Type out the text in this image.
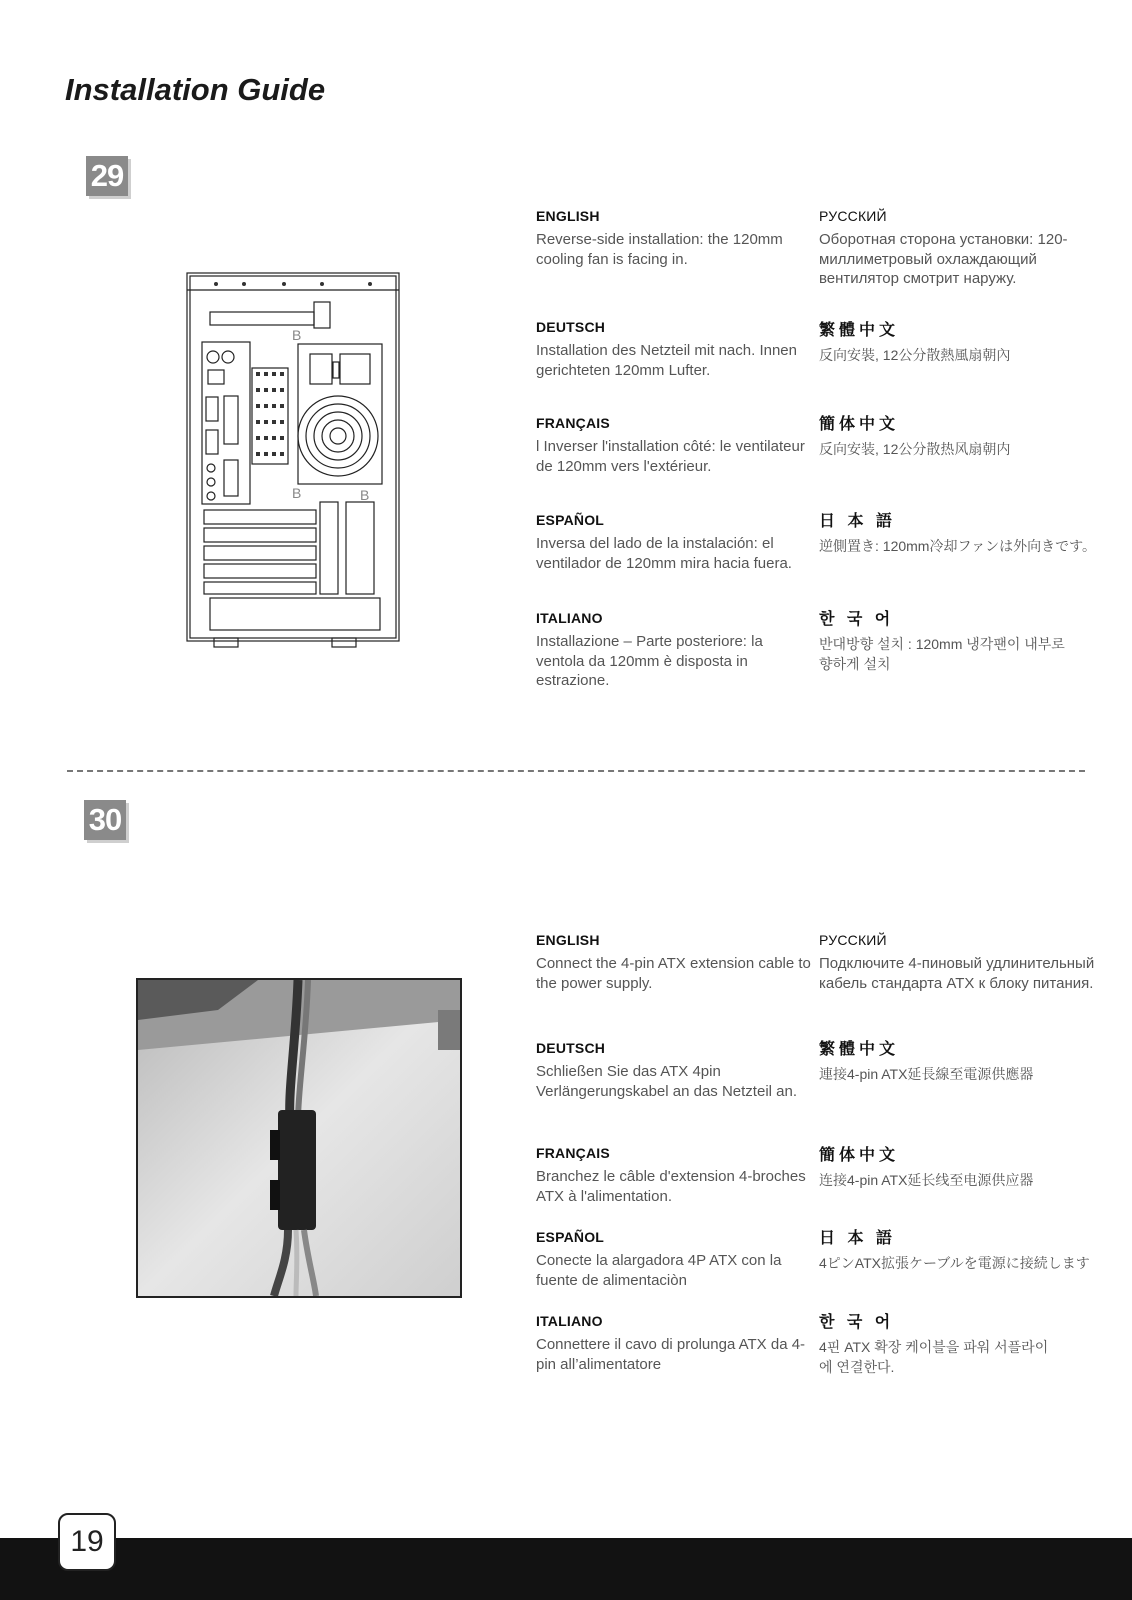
Installation Guide
29
B
B	B
ENGLISH
Reverse-side installation: the 120mm cooling fan is facing in.
РУССКИЙ
Оборотная сторона установки: 120-миллиметровый охлаждающий вентилятор смотрит наружу.
DEUTSCH
Installation des Netzteil mit nach. Innen gerichteten 120mm Lufter.
繁體中文
反向安裝, 12公分散熱風扇朝內
FRANÇAIS
l Inverser l'installation côté: le ventilateur de 120mm vers l'extérieur.
簡体中文
反向安装, 12公分散热风扇朝内
ESPAÑOL
Inversa del lado de la instalación: el ventilador de 120mm mira hacia fuera.
日 本 語
逆側置き: 120mm冷却ファンは外向きです。
ITALIANO
Installazione – Parte posteriore: la ventola da 120mm è disposta in estrazione.
한 국 어
반대방향 설치 : 120mm 냉각팬이 내부로 향하게 설치
30
ENGLISH
Connect the 4-pin ATX extension cable to the power supply.
РУССКИЙ
Подключите 4-пиновый удлинительный кабель стандарта ATX к блоку питания.
DEUTSCH
Schließen Sie das ATX 4pin Verlängerungskabel an das Netzteil an.
繁體中文
連接4-pin ATX延長線至電源供應器
FRANÇAIS
Branchez le câble d'extension 4-broches ATX à l'alimentation.
簡体中文
连接4-pin ATX延长线至电源供应器
ESPAÑOL
Conecte la alargadora 4P ATX con la fuente de alimentaciòn
日 本 語
4ピンATX拡張ケーブルを電源に接続します
ITALIANO
Connettere il cavo di prolunga ATX da 4-pin all’alimentatore
한 국 어
4핀 ATX 확장 케이블을 파워 서플라이에 연결한다.
19
